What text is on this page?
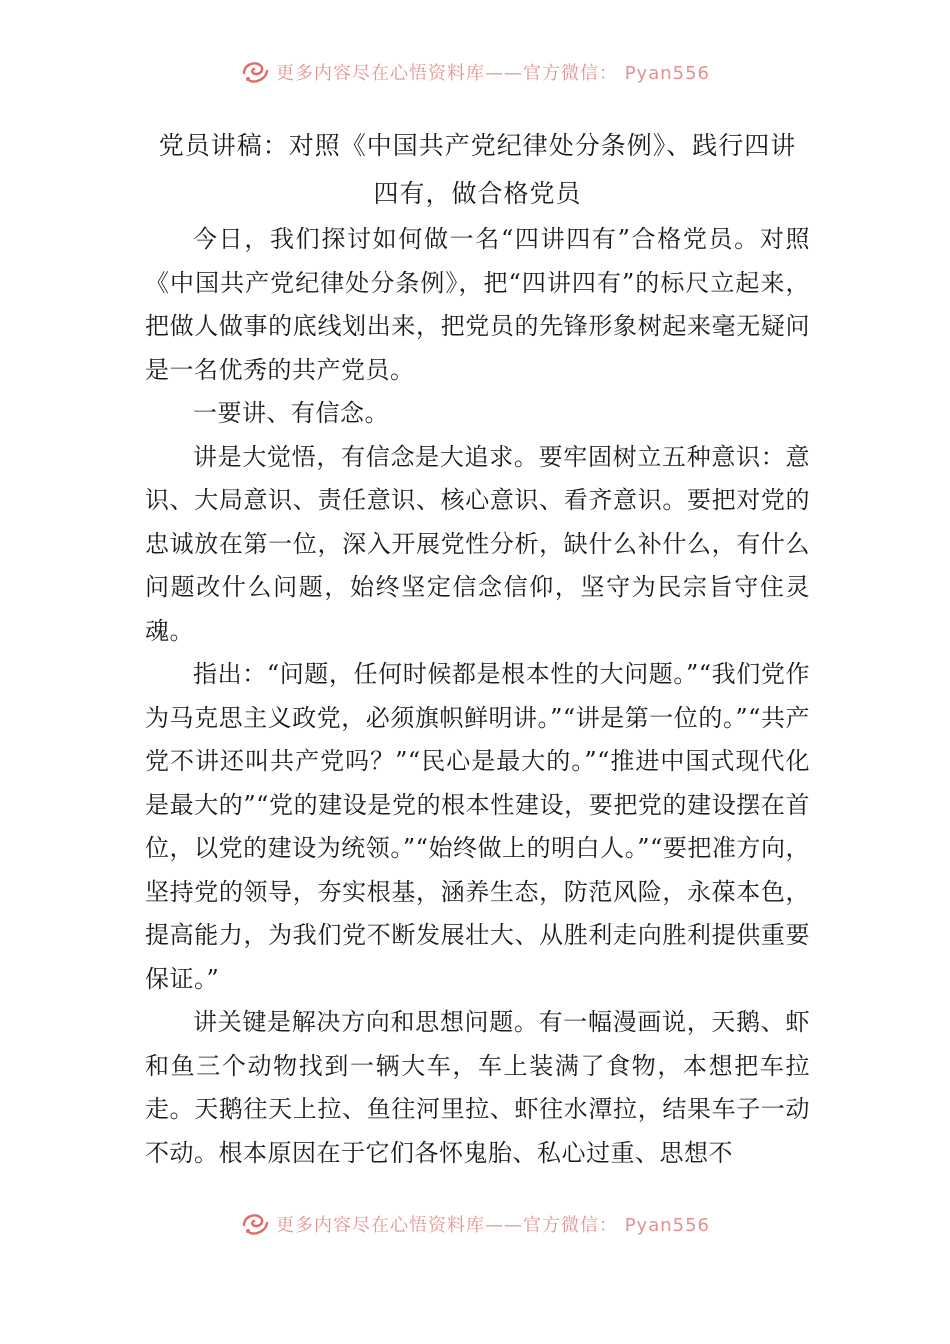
更多内容尽在心悟资料库——官方微信： Pyan556
党员讲稿：对照《中国共产党纪律处分条例》、践行四讲
四有，做合格党员

今日，我们探讨如何做一名“四讲四有”合格党员。对照《中国共产党纪律处分条例》，把“四讲四有”的标尺立起来，把做人做事的底线划出来，把党员的先锋形象树起来毫无疑问是一名优秀的共产党员。

一要讲、有信念。

讲是大觉悟，有信念是大追求。要牢固树立五种意识：意识、大局意识、责任意识、核心意识、看齐意识。要把对党的忠诚放在第一位，深入开展党性分析，缺什么补什么，有什么问题改什么问题，始终坚定信念信仰，坚守为民宗旨守住灵魂。

指出：“问题，任何时候都是根本性的大问题。”“我们党作为马克思主义政党，必须旗帜鲜明讲。”“讲是第一位的。”“共产党不讲还叫共产党吗？”“民心是最大的。”“推进中国式现代化是最大的”“党的建设是党的根本性建设，要把党的建设摆在首位，以党的建设为统领。”“始终做上的明白人。”“要把准方向，坚持党的领导，夯实根基，涵养生态，防范风险，永葆本色，提高能力，为我们党不断发展壮大、从胜利走向胜利提供重要保证。”

讲关键是解决方向和思想问题。有一幅漫画说，天鹅、虾和鱼三个动物找到一辆大车，车上装满了食物，本想把车拉走。天鹅往天上拉、鱼往河里拉、虾往水潭拉，结果车子一动不动。根本原因在于它们各怀鬼胎、私心过重、思想不

更多内容尽在心悟资料库——官方微信： Pyan556
